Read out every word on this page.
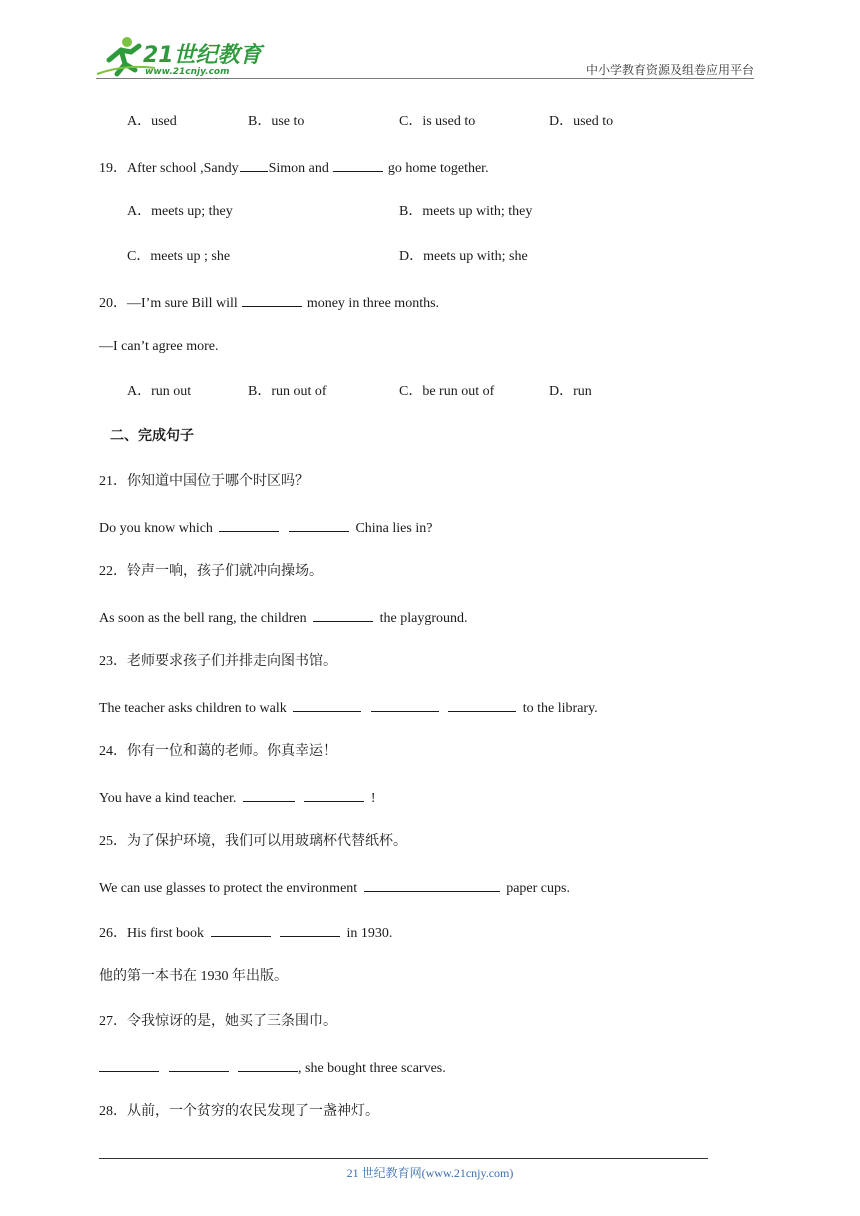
21世纪教育
www.21cnjy.com	中小学教育资源及组卷应用平台
A．used	B．use to	C．is used to	D．used to
19．After school ,Sandy Simon and	go home together.
A．meets up; they	B．meets up with; they
C．meets up ; she	D．meets up with; she
20．—I’m sure Bill will	money in three months.
—I can’t agree more.
A．run out	B．run out of	C．be run out of	D．run
二、完成句子
21．你知道中国位于哪个时区吗？
Do you know which	China lies in?
22．铃声一响，孩子们就冲向操场。
As soon as the bell rang, the children	the playground.
23．老师要求孩子们并排走向图书馆。
The teacher asks children to walk	to the library.
24．你有一位和蔼的老师。你真幸运！
You have a kind teacher.	!
25．为了保护环境，我们可以用玻璃杯代替纸杯。
We can use glasses to protect the environment	paper cups.
26．His first book	in 1930.
他的第一本书在 1930 年出版。
27．令我惊讶的是，她买了三条围巾。
, she bought three scarves.
28．从前，一个贫穷的农民发现了一盏神灯。
21 世纪教育网(www.21cnjy.com)
